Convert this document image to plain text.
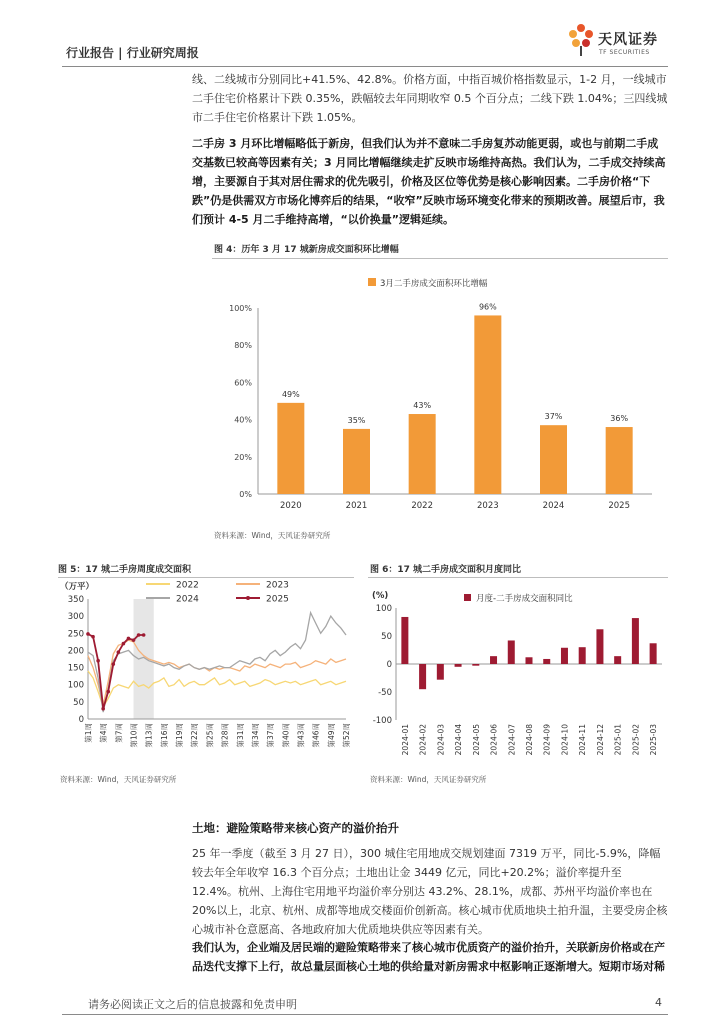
行业报告 | 行业研究周报
天风证券
TF SECURITIES

线、二线城市分别同比+41.5%、42.8%。价格方面，中指百城价格指数显示，1-2 月，一线城市二手住宅价格累计下跌 0.35%，跌幅较去年同期收窄 0.5 个百分点；二线下跌 1.04%；三四线城市二手住宅价格累计下跌 1.05%。

二手房 3 月环比增幅略低于新房，但我们认为并不意味二手房复苏动能更弱，或也与前期二手成交基数已较高等因素有关；3 月同比增幅继续走扩反映市场维持高热。我们认为，二手成交持续高增，主要源自于其对居住需求的优先吸引，价格及区位等优势是核心影响因素。二手房价格“下跌”仍是供需双方市场化博弈后的结果，“收窄”反映市场环境变化带来的预期改善。展望后市，我们预计 4-5 月二手维持高增，“以价换量”逻辑延续。

图 4：历年 3 月 17 城新房成交面积环比增幅
3月二手房成交面积环比增幅
0%
20%
40%
60%
80%
100%
49%
2020
35%
2021
43%
2022
96%
2023
37%
2024
36%
2025
资料来源：Wind，天风证券研究所
图 5：17 城二手房周度成交面积
（万平）
0
50
100
150
200
250
300
350
第1周 第4周 第7周 第10周 第13周 第16周 第19周 第22周 第25周 第28周 第31周 第34周 第37周 第40周 第43周 第46周 第49周 第52周
2022	2023
2024	2025
资料来源：Wind，天风证券研究所
图 6：17 城二手房成交面积月度同比
(%)	月度-二手房成交面积同比
100
50
0
-50
-100
2024-01 2024-02 2024-03 2024-04 2024-05 2024-06 2024-07 2024-08 2024-09 2024-10 2024-11 2024-12 2025-01 2025-02 2025-03
资料来源：Wind，天风证券研究所
土地：避险策略带来核心资产的溢价抬升

25 年一季度（截至 3 月 27 日），300 城住宅用地成交规划建面 7319 万平，同比-5.9%，降幅较去年全年收窄 16.3 个百分点；土地出让金 3449 亿元，同比+20.2%；溢价率提升至 12.4%。杭州、上海住宅用地平均溢价率分别达 43.2%、28.1%，成都、苏州平均溢价率也在 20%以上，北京、杭州、成都等地成交楼面价创新高。核心城市优质地块土拍升温，主要受房企核心城市补仓意愿高、各地政府加大优质地块供应等因素有关。

我们认为，企业端及居民端的避险策略带来了核心城市优质资产的溢价抬升，关联新房价格或在产品迭代支撑下上行，故总量层面核心土地的供给量对新房需求中枢影响正逐渐增大。短期市场对稀

请务必阅读正文之后的信息披露和免责申明	4
